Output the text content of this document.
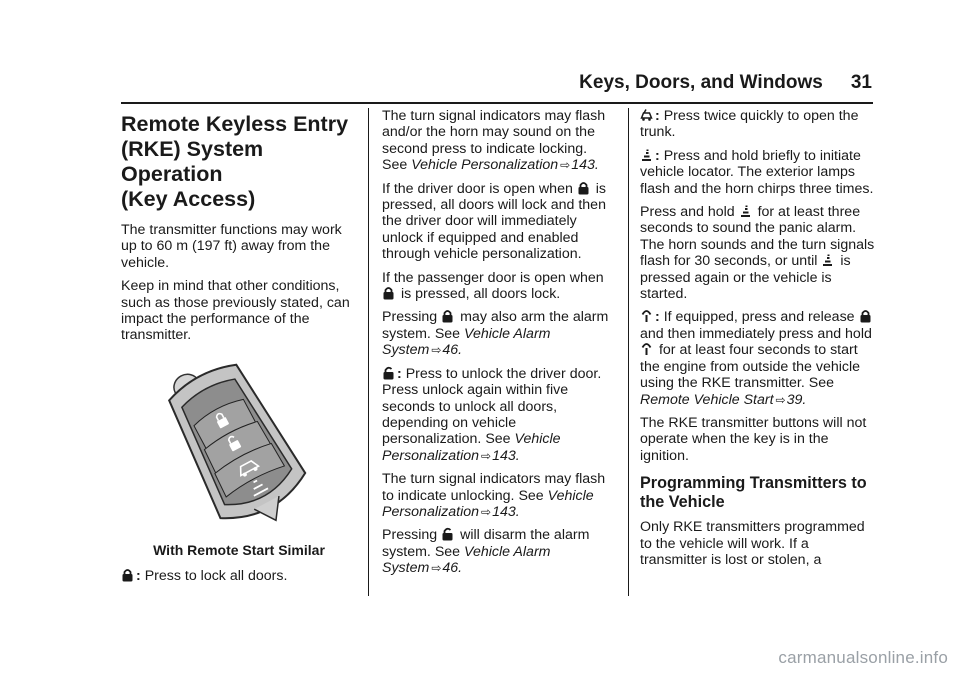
Keys, Doors, and Windows 31
Remote Keyless Entry
(RKE) System Operation
(Key Access)

The transmitter functions may work up to 60 m (197 ft) away from the vehicle.

Keep in mind that other conditions, such as those previously stated, can impact the performance of the transmitter.

With Remote Start Similar

: Press to lock all doors.

The turn signal indicators may flash and/or the horn may sound on the second press to indicate locking. See Vehicle Personalization ⇨143.

If the driver door is open when is pressed, all doors will lock and then the driver door will immediately unlock if equipped and enabled through vehicle personalization.

If the passenger door is open when
is pressed, all doors lock.

Pressing may also arm the alarm system. See Vehicle Alarm System ⇨46.

: Press to unlock the driver door. Press unlock again within five seconds to unlock all doors, depending on vehicle personalization. See Vehicle Personalization ⇨143.

The turn signal indicators may flash to indicate unlocking. See Vehicle Personalization ⇨143.

Pressing will disarm the alarm system. See Vehicle Alarm System ⇨46.

: Press twice quickly to open the trunk.

: Press and hold briefly to initiate vehicle locator. The exterior lamps flash and the horn chirps three times.

Press and hold for at least three seconds to sound the panic alarm. The horn sounds and the turn signals flash for 30 seconds, or until is pressed again or the vehicle is started.

: If equipped, press and release
and then immediately press and hold
for at least four seconds to start the engine from outside the vehicle using the RKE transmitter. See Remote Vehicle Start ⇨39.

The RKE transmitter buttons will not operate when the key is in the ignition.

Programming Transmitters to the Vehicle

Only RKE transmitters programmed to the vehicle will work. If a transmitter is lost or stolen, a

carmanualsonline.info
